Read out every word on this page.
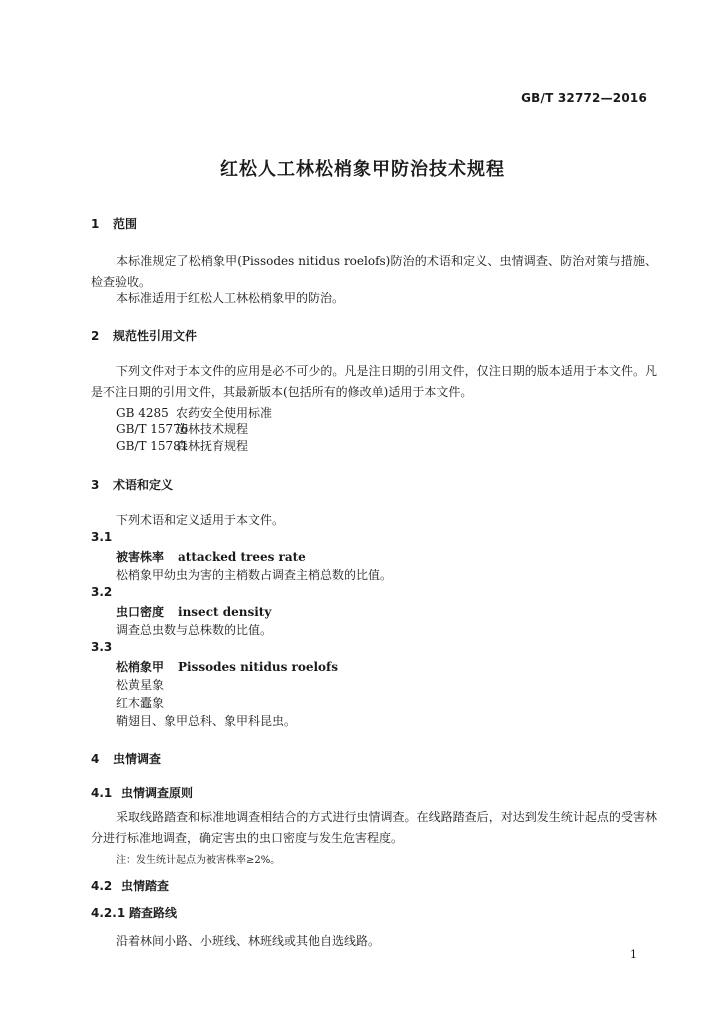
GB/T 32772—2016
红松人工林松梢象甲防治技术规程
1 范围
本标准规定了松梢象甲(Pissodes nitidus roelofs)防治的术语和定义、虫情调查、防治对策与措施、检查验收。
本标准适用于红松人工林松梢象甲的防治。
2 规范性引用文件
下列文件对于本文件的应用是必不可少的。凡是注日期的引用文件，仅注日期的版本适用于本文件。凡是不注日期的引用文件，其最新版本(包括所有的修改单)适用于本文件。
GB 4285 农药安全使用标准
GB/T 15776造林技术规程
GB/T 15781森林抚育规程
3 术语和定义
下列术语和定义适用于本文件。
3.1
被害株率 attacked trees rate
松梢象甲幼虫为害的主梢数占调查主梢总数的比值。
3.2
虫口密度 insect density
调查总虫数与总株数的比值。
3.3
松梢象甲 Pissodes nitidus roelofs
松黄星象
红木蠹象
鞘翅目、象甲总科、象甲科昆虫。
4 虫情调查
4.1 虫情调查原则
采取线路踏查和标准地调查相结合的方式进行虫情调查。在线路踏查后，对达到发生统计起点的受害林分进行标准地调查，确定害虫的虫口密度与发生危害程度。
注：发生统计起点为被害株率≥2%。
4.2 虫情踏查
4.2.1 踏查路线
沿着林间小路、小班线、林班线或其他自选线路。
1
